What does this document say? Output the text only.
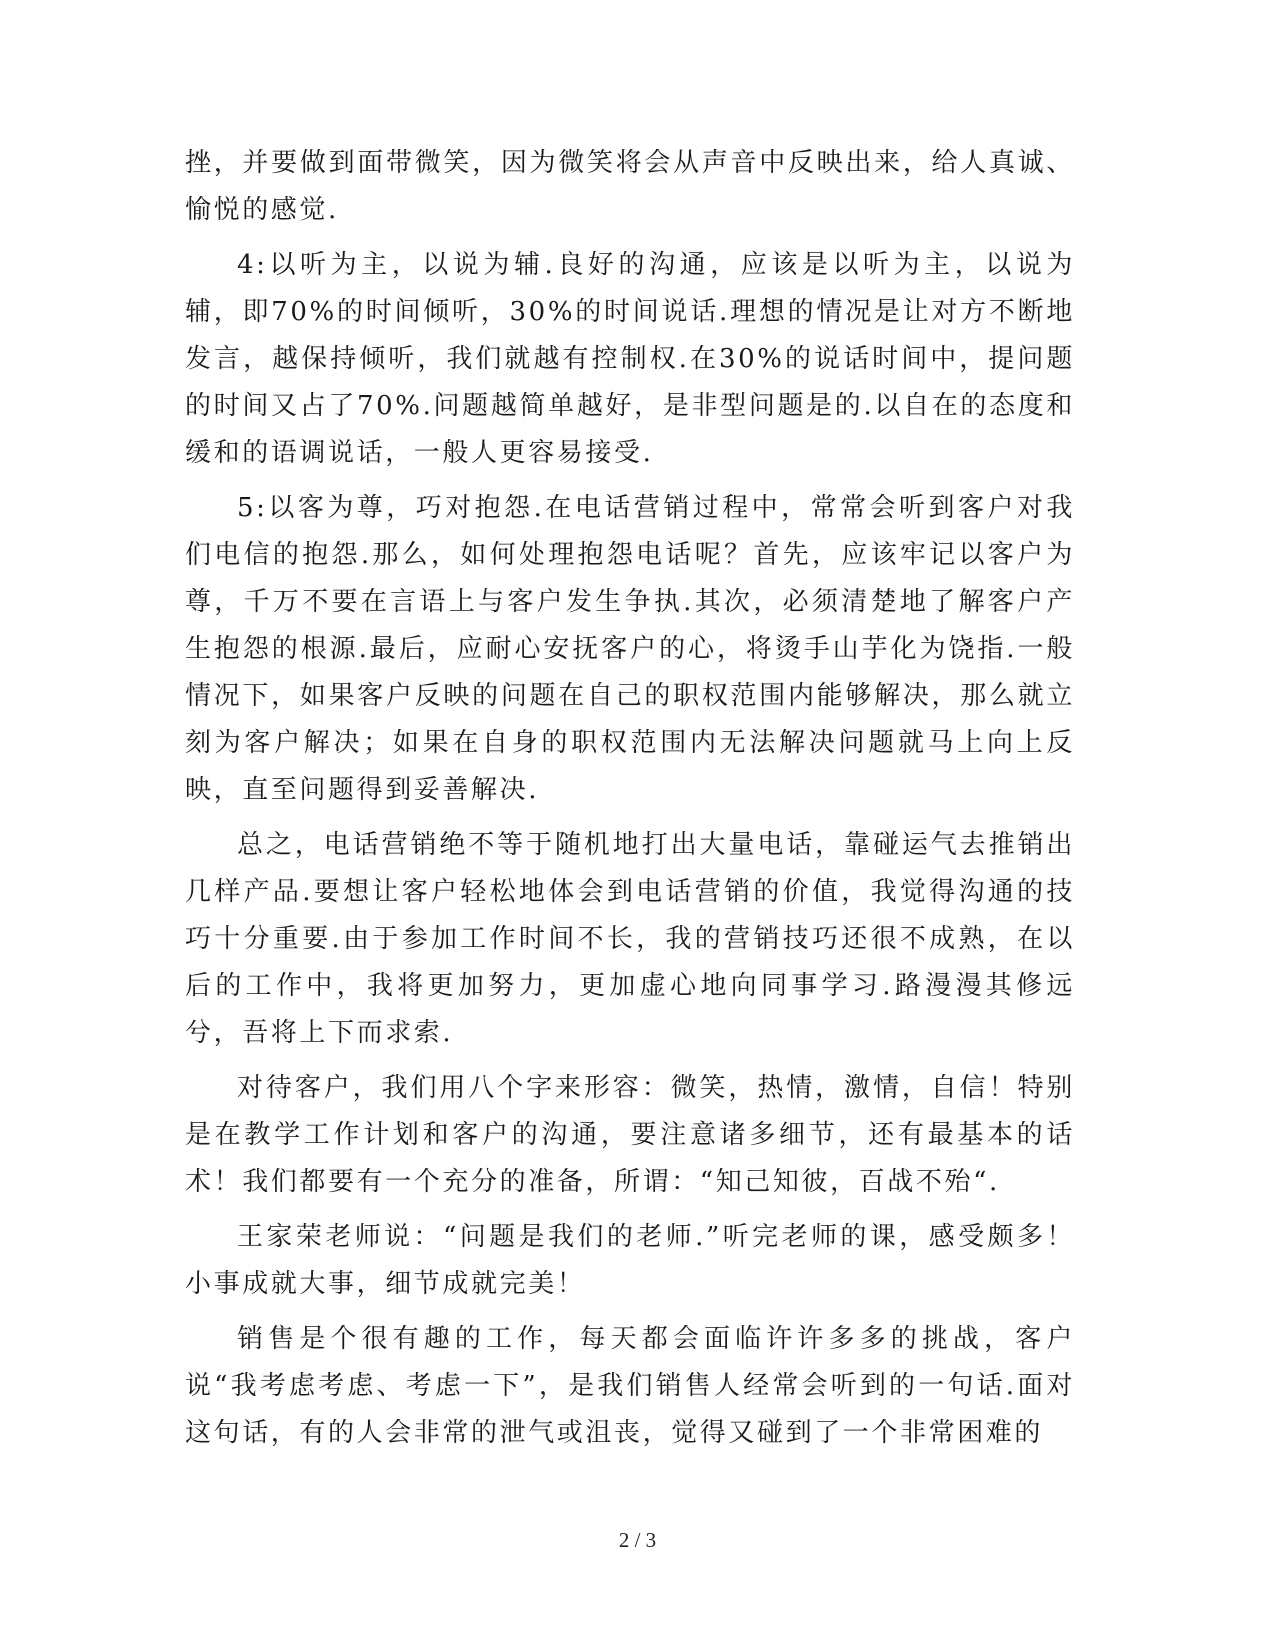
挫，并要做到面带微笑，因为微笑将会从声音中反映出来，给人真诚、愉悦的感觉.

4:以听为主，以说为辅.良好的沟通，应该是以听为主，以说为辅，即70%的时间倾听，30%的时间说话.理想的情况是让对方不断地发言，越保持倾听，我们就越有控制权.在30%的说话时间中，提问题的时间又占了70%.问题越简单越好，是非型问题是的.以自在的态度和缓和的语调说话，一般人更容易接受.

5:以客为尊，巧对抱怨.在电话营销过程中，常常会听到客户对我们电信的抱怨.那么，如何处理抱怨电话呢？首先，应该牢记以客户为尊，千万不要在言语上与客户发生争执.其次，必须清楚地了解客户产生抱怨的根源.最后，应耐心安抚客户的心，将烫手山芋化为饶指.一般情况下，如果客户反映的问题在自己的职权范围内能够解决，那么就立刻为客户解决；如果在自身的职权范围内无法解决问题就马上向上反映，直至问题得到妥善解决.

总之，电话营销绝不等于随机地打出大量电话，靠碰运气去推销出几样产品.要想让客户轻松地体会到电话营销的价值，我觉得沟通的技巧十分重要.由于参加工作时间不长，我的营销技巧还很不成熟，在以后的工作中，我将更加努力，更加虚心地向同事学习.路漫漫其修远兮，吾将上下而求索.

对待客户，我们用八个字来形容：微笑，热情，激情，自信！特别是在教学工作计划和客户的沟通，要注意诸多细节，还有最基本的话术！我们都要有一个充分的准备，所谓：“知己知彼，百战不殆“.

王家荣老师说：“问题是我们的老师.”听完老师的课，感受颇多！小事成就大事，细节成就完美！

销售是个很有趣的工作，每天都会面临许许多多的挑战，客户说“我考虑考虑、考虑一下”，是我们销售人经常会听到的一句话.面对这句话，有的人会非常的泄气或沮丧，觉得又碰到了一个非常困难的

2 / 3
